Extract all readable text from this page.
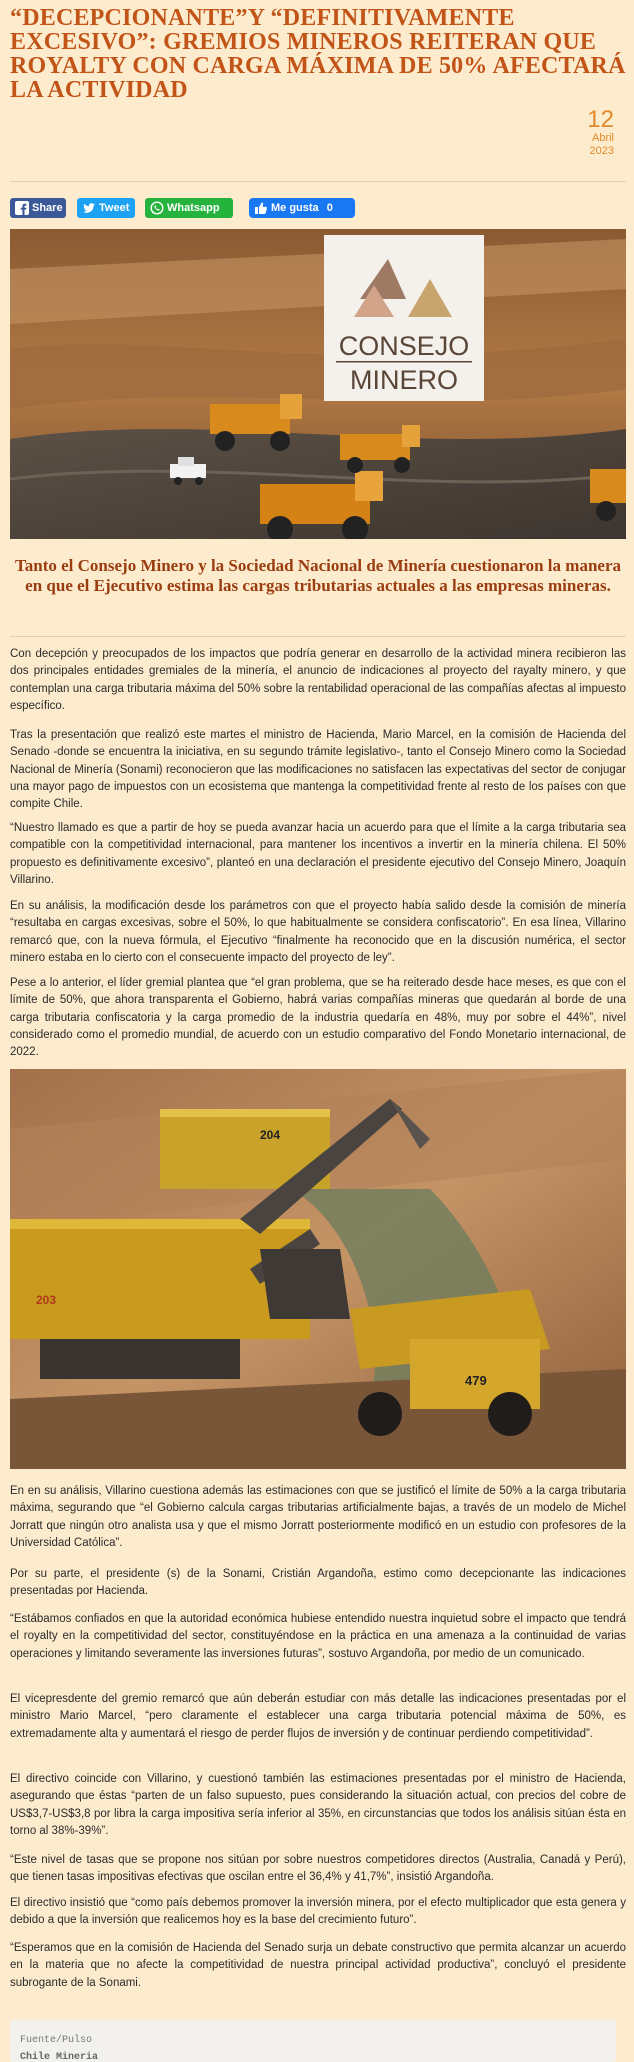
“DECEPCIONANTE”Y “DEFINITIVAMENTE EXCESIVO”: GREMIOS MINEROS REITERAN QUE ROYALTY CON CARGA MÁXIMA DE 50% AFECTARÁ LA ACTIVIDAD
12
Abril
2023
Share	Tweet	Whatsapp	Me gusta 0
CONSEJO
MINERO

Tanto el Consejo Minero y la Sociedad Nacional de Minería cuestionaron la manera en que el Ejecutivo estima las cargas tributarias actuales a las empresas mineras.

Con decepción y preocupados de los impactos que podría generar en desarrollo de la actividad minera recibieron las dos principales entidades gremiales de la minería, el anuncio de indicaciones al proyecto del rayalty minero, y que contemplan una carga tributaria máxima del 50% sobre la rentabilidad operacional de las compañías afectas al impuesto específico.

Tras la presentación que realizó este martes el ministro de Hacienda, Mario Marcel, en la comisión de Hacienda del Senado -donde se encuentra la iniciativa, en su segundo trámite legislativo-, tanto el Consejo Minero como la Sociedad Nacional de Minería (Sonami) reconocieron que las modificaciones no satisfacen las expectativas del sector de conjugar una mayor pago de impuestos con un ecosistema que mantenga la competitividad frente al resto de los países con que compite Chile.

“Nuestro llamado es que a partir de hoy se pueda avanzar hacia un acuerdo para que el límite a la carga tributaria sea compatible con la competitividad internacional, para mantener los incentivos a invertir en la minería chilena. El 50% propuesto es definitivamente excesivo”, planteó en una declaración el presidente ejecutivo del Consejo Minero, Joaquín Villarino.

En su análisis, la modificación desde los parámetros con que el proyecto había salido desde la comisión de minería “resultaba en cargas excesivas, sobre el 50%, lo que habitualmente se considera confiscatorio”. En esa línea, Villarino remarcó que, con la nueva fórmula, el Ejecutivo “finalmente ha reconocido que en la discusión numérica, el sector minero estaba en lo cierto con el consecuente impacto del proyecto de ley”.

Pese a lo anterior, el líder gremial plantea que “el gran problema, que se ha reiterado desde hace meses, es que con el límite de 50%, que ahora transparenta el Gobierno, habrá varias compañías mineras que quedarán al borde de una carga tributaria confiscatoria y la carga promedio de la industria quedaría en 48%, muy por sobre el 44%”, nivel considerado como el promedio mundial, de acuerdo con un estudio comparativo del Fondo Monetario internacional, de 2022.

204
203
479

En en su análisis, Villarino cuestiona además las estimaciones con que se justificó el límite de 50% a la carga tributaria máxima, segurando que “el Gobierno calcula cargas tributarias artificialmente bajas, a través de un modelo de Michel Jorratt que ningún otro analista usa y que el mismo Jorratt posteriormente modificó en un estudio con profesores de la Universidad Católica”.

Por su parte, el presidente (s) de la Sonami, Cristián Argandoña, estimo como decepcionante las indicaciones presentadas por Hacienda.

“Estábamos confiados en que la autoridad económica hubiese entendido nuestra inquietud sobre el impacto que tendrá el royalty en la competitividad del sector, constituyéndose en la práctica en una amenaza a la continuidad de varias operaciones y limitando severamente las inversiones futuras”, sostuvo Argandoña, por medio de un comunicado.

El vicepresdente del gremio remarcó que aún deberán estudiar con más detalle las indicaciones presentadas por el ministro Mario Marcel, “pero claramente el establecer una carga tributaria potencial máxima de 50%, es extremadamente alta y aumentará el riesgo de perder flujos de inversión y de continuar perdiendo competitividad”.

El directivo coincide con Villarino, y cuestionó también las estimaciones presentadas por el ministro de Hacienda, asegurando que éstas “parten de un falso supuesto, pues considerando la situación actual, con precios del cobre de US$3,7-US$3,8 por libra la carga impositiva sería inferior al 35%, en circunstancias que todos los análisis sitúan ésta en torno al 38%-39%”.

“Este nivel de tasas que se propone nos sitúan por sobre nuestros competidores directos (Australia, Canadá y Perú), que tienen tasas impositivas efectivas que oscilan entre el 36,4% y 41,7%”, insistió Argandoña.

El directivo insistió que “como país debemos promover la inversión minera, por el efecto multiplicador que esta genera y debido a que la inversión que realicemos hoy es la base del crecimiento futuro”.

“Esperamos que en la comisión de Hacienda del Senado surja un debate constructivo que permita alcanzar un acuerdo en la materia que no afecte la competitividad de nuestra principal actividad productiva”, concluyó el presidente subrogante de la Sonami.

Fuente/Pulso
Chile Mineria
